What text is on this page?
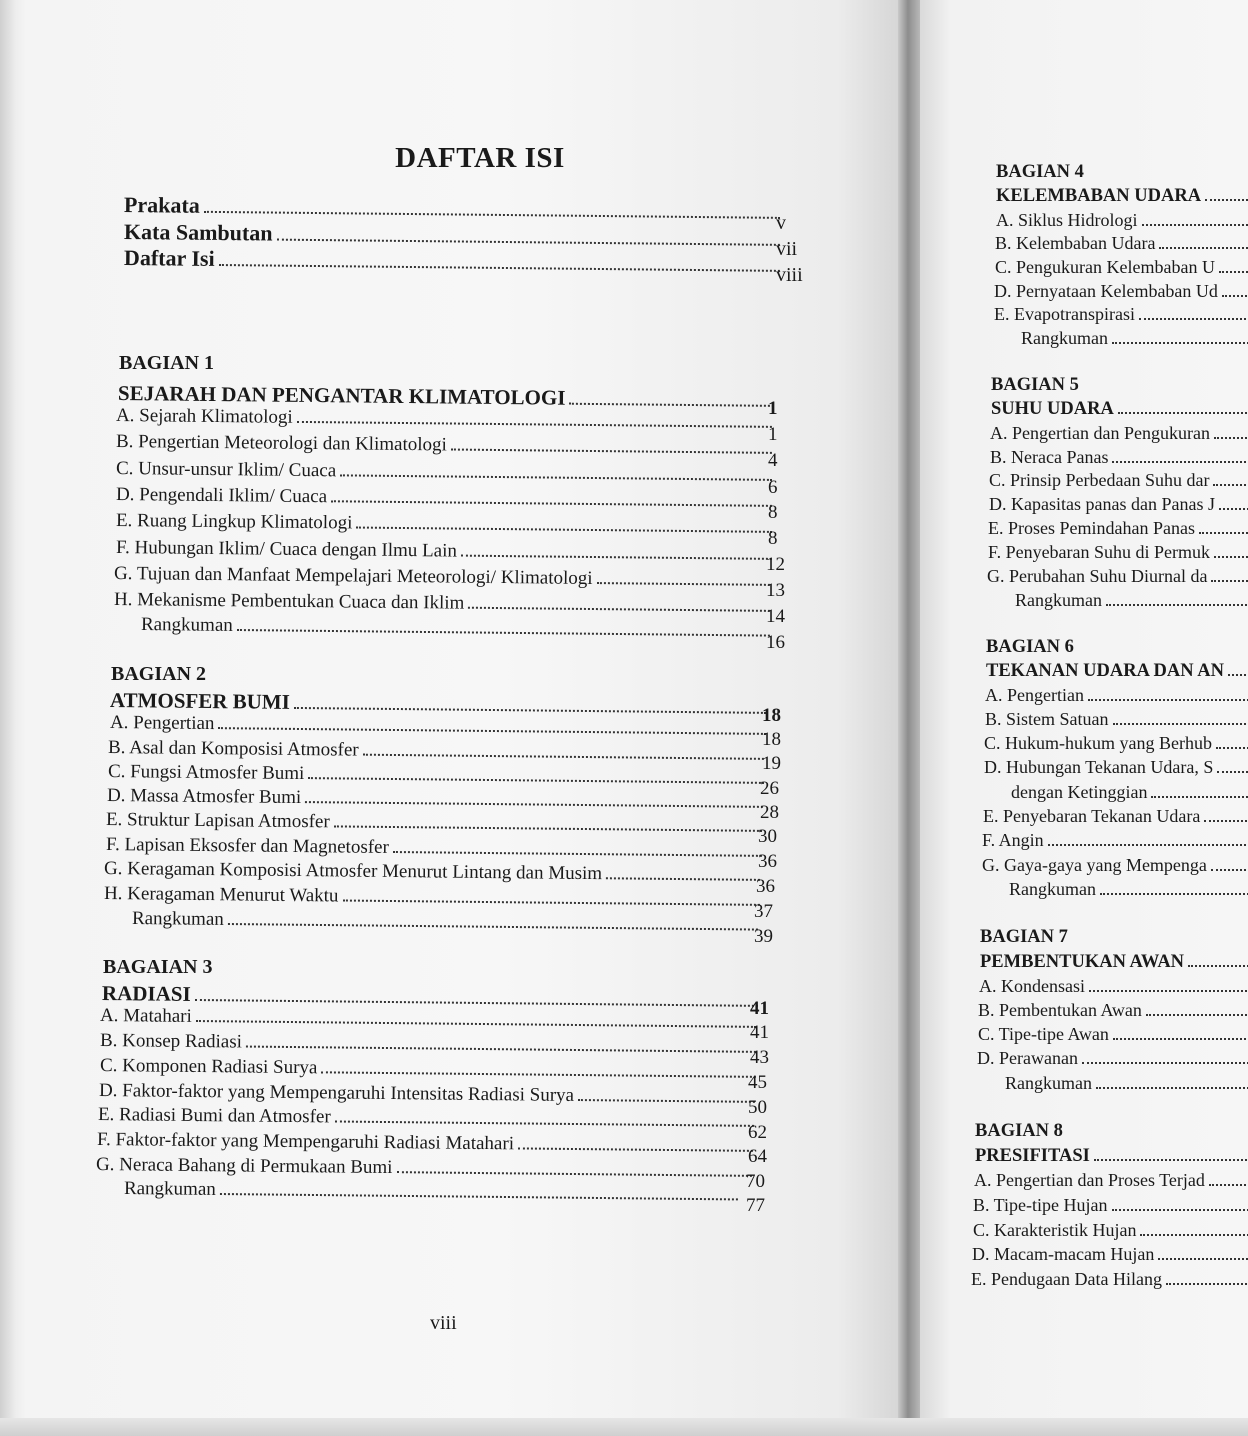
DAFTAR ISI
Prakata
v
Kata Sambutan
vii
Daftar Isi
viii
BAGIAN 1
SEJARAH DAN PENGANTAR KLIMATOLOGI	1
A. Sejarah Klimatologi
1
B. Pengertian Meteorologi dan Klimatologi
4
C. Unsur-unsur Iklim/ Cuaca
6
D. Pengendali Iklim/ Cuaca
8
E. Ruang Lingkup Klimatologi
8
F. Hubungan Iklim/ Cuaca dengan Ilmu Lain
12
G. Tujuan dan Manfaat Mempelajari Meteorologi/ Klimatologi
13
H. Mekanisme Pembentukan Cuaca dan Iklim
14
Rangkuman
16
BAGIAN 2
ATMOSFER BUMI
18
A. Pengertian
18
B. Asal dan Komposisi Atmosfer
19
C. Fungsi Atmosfer Bumi
26
D. Massa Atmosfer Bumi
28
E. Struktur Lapisan Atmosfer
30
F. Lapisan Eksosfer dan Magnetosfer
36
G. Keragaman Komposisi Atmosfer Menurut Lintang dan Musim
36
H. Keragaman Menurut Waktu
37
Rangkuman
39
BAGAIAN 3
RADIASI
41
A. Matahari
41
B. Konsep Radiasi
43
C. Komponen Radiasi Surya
45
D. Faktor-faktor yang Mempengaruhi Intensitas Radiasi Surya
50
E. Radiasi Bumi dan Atmosfer
62
F. Faktor-faktor yang Mempengaruhi Radiasi Matahari
64
G. Neraca Bahang di Permukaan Bumi
70
Rangkuman
77
viii
BAGIAN 4
KELEMBABAN UDARA
A. Siklus Hidrologi
B. Kelembaban Udara
C. Pengukuran Kelembaban U
D. Pernyataan Kelembaban Ud
E. Evapotranspirasi
Rangkuman
BAGIAN 5
SUHU UDARA
A. Pengertian dan Pengukuran
B. Neraca Panas
C. Prinsip Perbedaan Suhu dar
D. Kapasitas panas dan Panas J
E. Proses Pemindahan Panas
F. Penyebaran Suhu di Permuk
G. Perubahan Suhu Diurnal da
Rangkuman
BAGIAN 6
TEKANAN UDARA DAN AN
A. Pengertian
B. Sistem Satuan
C. Hukum-hukum yang Berhub
D. Hubungan Tekanan Udara, S
dengan Ketinggian
E. Penyebaran Tekanan Udara
F. Angin
G. Gaya-gaya yang Mempenga
Rangkuman
BAGIAN 7
PEMBENTUKAN AWAN
A. Kondensasi
B. Pembentukan Awan
C. Tipe-tipe Awan
D. Perawanan
Rangkuman
BAGIAN 8
PRESIFITASI
A. Pengertian dan Proses Terjad
B. Tipe-tipe Hujan
C. Karakteristik Hujan
D. Macam-macam Hujan
E. Pendugaan Data Hilang
